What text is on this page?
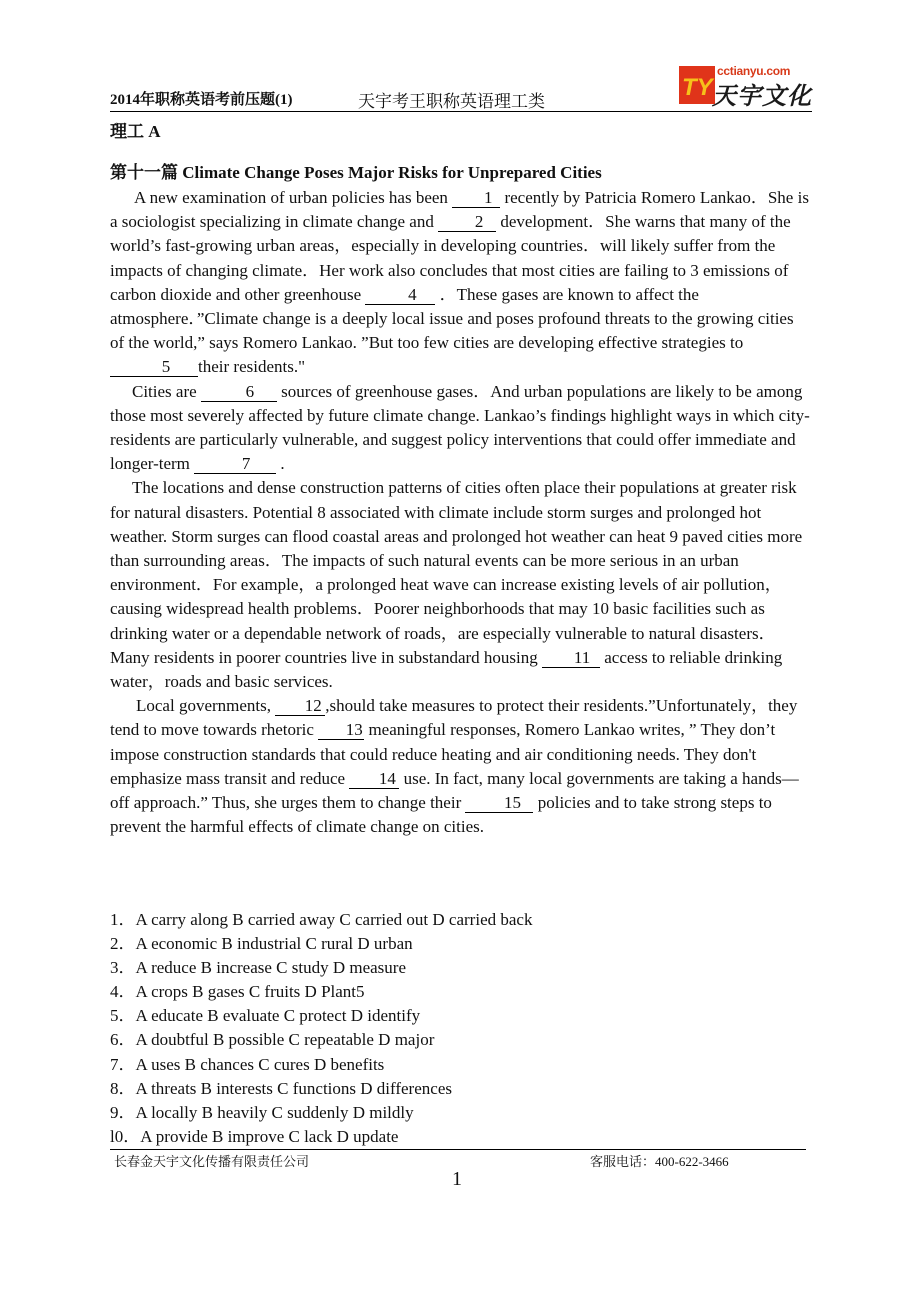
2014年职称英语考前压题(1)	天宇考王职称英语理工类
TY
cctianyu.com
天宇文化
理工 A
第十一篇 Climate Change Poses Major Risks for Unprepared Cities

A new examination of urban policies has been 1 recently by Patricia Romero Lankao．She is a sociologist specializing in climate change and 2 development．She warns that many of the world’s fast-growing urban areas，especially in developing countries．will likely suffer from the impacts of changing climate．Her work also concludes that most cities are failing to 3 emissions of carbon dioxide and other greenhouse	4 ．These gases are known to affect the atmosphere．”Climate change is a deeply local issue and poses profound threats to the growing cities of the world,” says Romero Lankao. ”But too few cities are developing effective strategies to 5 their residents."

Cities are	6 sources of greenhouse gases．And urban populations are likely to be among those most severely affected by future climate change. Lankao’s findings highlight ways in which city-residents are particularly vulnerable, and suggest policy interventions that could offer immediate and longer-term	7 .

The locations and dense construction patterns of cities often place their populations at greater risk for natural disasters. Potential 8 associated with climate include storm surges and prolonged hot weather. Storm surges can flood coastal areas and prolonged hot weather can heat 9 paved cities more than surrounding areas．The impacts of such natural events can be more serious in an urban environment．For example，a prolonged heat wave can increase existing levels of air pollution，causing widespread health problems．Poorer neighborhoods that may 10 basic facilities such as drinking water or a dependable network of roads，are especially vulnerable to natural disasters．Many residents in poorer countries live in substandard housing 11 access to reliable drinking water，roads and basic services.

Local governments, 12 ,should take measures to protect their residents.”Unfortunately，they tend to move towards rhetoric 13 meaningful responses, Romero Lankao writes, ” They don’t impose construction standards that could reduce heating and air conditioning needs. They don't emphasize mass transit and reduce 14 use. In fact, many local governments are taking a hands—off approach.” Thus, she urges them to change their 15 policies and to take strong steps to prevent the harmful effects of climate change on cities.

1．A carry along B carried away C carried out D carried back
2．A economic B industrial C rural D urban
3．A reduce B increase C study D measure
4．A crops B gases C fruits D Plant5
5．A educate B evaluate C protect D identify
6．A doubtful B possible C repeatable D major
7．A uses B chances C cures D benefits
8．A threats B interests C functions D differences
9．A locally B heavily C suddenly D mildly
l0．A provide B improve C lack D update
长春金天宇文化传播有限责任公司	客服电话：400-622-3466
1
